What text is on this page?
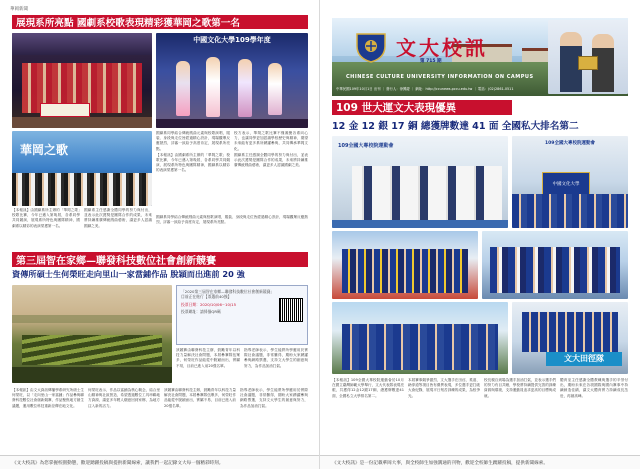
華岡新聞
展現系所亮點 國劇系校歌表現精彩獲華岡之歌第一名
中國文化大學109學年度
華岡之歌

國劇系同學結合傳統戲曲元素與校歌演唱，服裝、身段與走位皆經過精心設計，現場觀眾反應熱烈，評審一致給予高度肯定，展現系所亮點。

【本報訊】由國劇系所主辦的「華岡之歌」校歌比賽，今年已邁入第幾屆，各系同學共同競演，展現系所特色與團隊精神，國劇系以精彩的表演榮獲第一名。

校方表示，華岡之歌比賽不僅凝聚各系向心力，也讓同學更加認識學校歷史與精神，期望未來能有更多系所踴躍參與，共同傳承華岡文化。

國劇系主任感謝全體同學的努力與付出，並表示此次獲獎是團隊合作的成果，未來將持續推廣傳統戲曲藝術，讓更多人認識國劇之美。

【本報訊】由國劇系所主辦的「華岡之歌」校歌比賽，今年已邁入第幾屆，各系同學共同競演，展現系所特色與團隊精神，國劇系以精彩的表演榮獲第一名。

國劇系主任感謝全體同學的努力與付出，並表示此次獲獎是團隊合作的成果，未來將持續推廣傳統戲曲藝術，讓更多人認識國劇之美。

國劇系同學結合傳統戲曲元素與校歌演唱，服裝、身段與走位皆經過精心設計，現場觀眾反應熱烈，評審一致給予高度肯定，展現系所亮點。

第三屆智在家鄉—聯發科技數位社會創新競賽
資傳所碩士生何榮旺走向里山一家當鋪作品 脫穎而出進前 20 強
「2020第三屆智在家鄉—聯發科技數位社會創新競賽」目前正在進行【票選前40強】
投票日期：2020/10/06~10/15
投票網址：請掃描QR碼

該競賽由聯發科技主辦，鼓勵青年以科技力量解決社會問題，本屆參賽隊伍眾多，何榮旺作品能從中脫穎而出，實屬不易，目前已進入前20強名單。

指導老師表示，學生能將所學應用於實際社會議題，非常難得，期盼大家踴躍參與網路票選，支持文大學生的創意與努力，為作品加油打氣。

【本報訊】由文大資訊傳播學系研究所碩士生何榮旺，以「走向里山一家當鋪」作品參與聯發科技數位社會創新競賽，作品聚焦地方創生議題，運用數位科技重新詮釋在地文化。

何榮旺表示，作品以當鋪為核心概念，結合里山精神與社區營造，希望透過數位工具串聯地方資源，讓更多年輕人願意回到家鄉，為地方注入新的活力。

該競賽由聯發科技主辦，鼓勵青年以科技力量解決社會問題，本屆參賽隊伍眾多，何榮旺作品能從中脫穎而出，實屬不易，目前已進入前20強名單。

指導老師表示，學生能將所學應用於實際社會議題，非常難得，期盼大家踴躍參與網路票選，支持文大學生的創意與努力，為作品加油打氣。

《文大校訊》為您掌握校園動態，歡迎踴躍投稿與提供新聞線索，讓我們一起記錄文大每一個精彩時刻。
文大校訊
第 715 期
CHINESE CULTURE UNIVERSITY INFORMATION ON CAMPUS
中華民國109年10月1日 出刊 ｜ 發行人：徐興慶 ｜ 網址：http://ccunews.pccu.edu.tw ｜ 電話：(02)2861-0511
109 世大運文大表現優異
12 金 12 銀 17 銅 總獲牌數達 41 面 全國私大排名第二
109全國大專校院運動會	109全國大專校院運動會
中國文化大學
文大田徑隊

【本報訊】109全國大專校院運動會於10月在國立臺灣師範大學舉行，文大代表隊表現亮眼，共獲得12金12銀17銅，總獲牌數達41面，全國私立大學排名第二。

本屆賽事競爭激烈，文大選手在田徑、柔道、跆拳道等項目皆有優異表現，多位選手更打破大會紀錄，展現平日刻苦訓練的成果，為校爭光。

校長親自到場為選手加油打氣，並表示選手們的努力有目共睹，學校將持續提供完善的訓練資源與環境，支持運動員追求更高的目標與成就。

體育室主任感謝全體教練與選手的辛勞付出，期盼未來在各項國際與國內賽事中持續締造佳績，讓文大體育實力持續成長茁壯，再創高峰。

《文大校訊》是一份記載華岡大事，與全校師生加強溝通的刊物，歡迎全校師生踴躍投稿，提供新聞線索。
